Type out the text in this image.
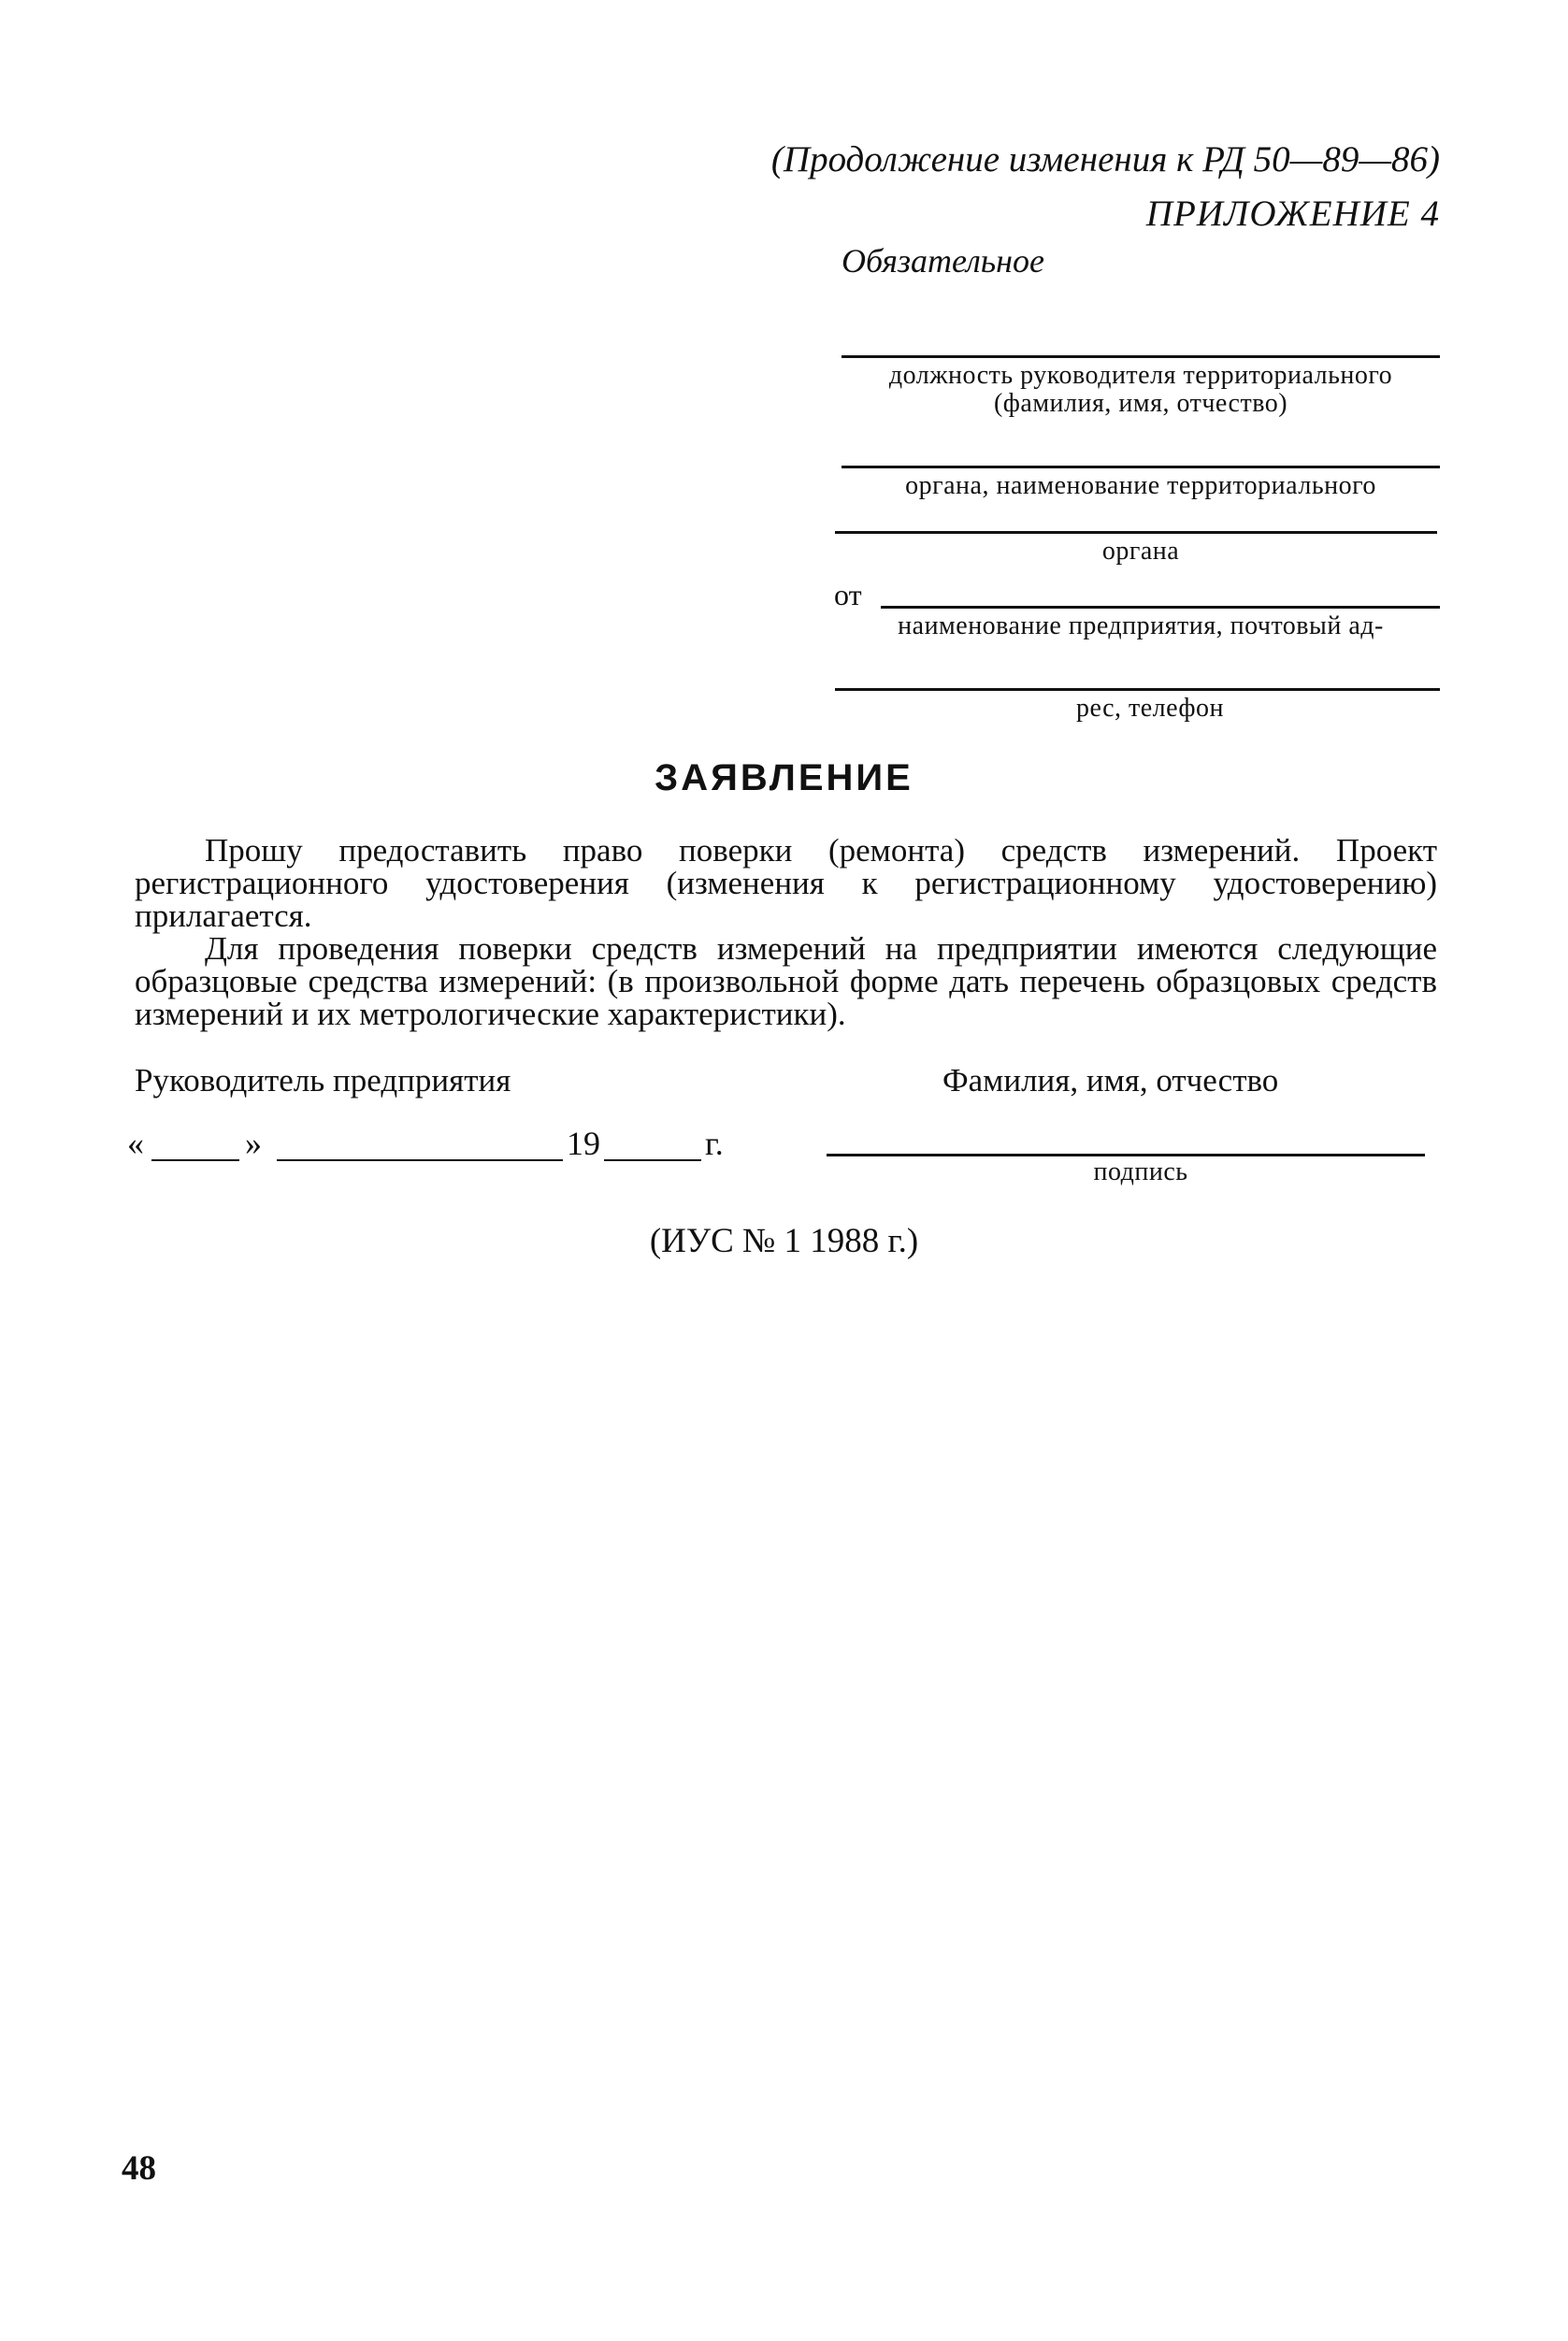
(Продолжение изменения к РД 50—89—86)
ПРИЛОЖЕНИЕ 4
Обязательное
должность руководителя территориального
(фамилия, имя, отчество)
органа, наименование территориального
органа
от
наименование предприятия, почтовый ад-
рес, телефон
ЗАЯВЛЕНИЕ

Прошу предоставить право поверки (ремонта) средств измерений. Проект регистрационного удостоверения (изменения к регистрационному удостоверению) прилагается.

Для проведения поверки средств измерений на предприятии имеются следующие образцовые средства измерений: (в произвольной форме дать перечень образцовых средств измерений и их метрологические характеристики).

Руководитель предприятия	Фамилия, имя, отчество
«	»	19	г.
подпись
(ИУС № 1 1988 г.)
48
